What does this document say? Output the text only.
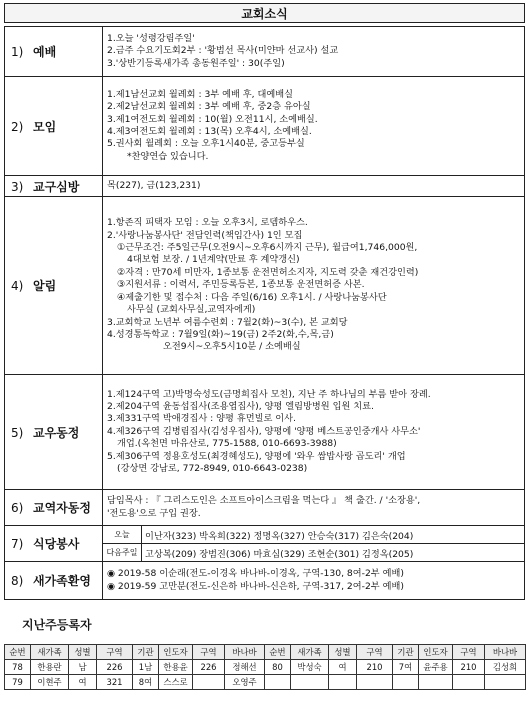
교회소식
1) 예배	
1.오늘 '성령강림주일'
2.금주 수요기도회2부 : '황범선 목사(미얀마 선교사) 설교
3.'상반기등록새가족 총동원주일' : 30(주일)

2) 모임	
1.제1남선교회 월례회 : 3부 예배 후, 대예배실
2.제2남선교회 월례회 : 3부 예배 후, 중2층 유아실
3.제1여전도회 월례회 : 10(월) 오전11시, 소예배실.
4.제3여전도회 월례회 : 13(목) 오후4시, 소예배실.
5.권사회 월례회 : 오늘 오후1시40분, 중고등부실
*찬양연습 있습니다.

3) 교구심방	목(227), 금(123,231)

4) 알림	
1.항존직 피택자 모임 : 오늘 오후3시, 로뎀하우스.
2.'사랑나눔봉사단' 전담인력(책임간사) 1인 모집
①근무조건: 주5일근무(오전9시~오후6시까지 근무), 월급여1,746,000원,
4대보험 보장. / 1년계약(만료 후 계약갱신)
②자격 : 만70세 미만자, 1종보통 운전면허소지자, 지도력 갖춘 재건강인력)
③지원서류 : 이력서, 주민등록등본, 1종보통 운전면허증 사본.
④제출기한 및 접수처 : 다음 주일(6/16) 오후1시. / 사랑나눔봉사단
사무실 (교회사무실,교역자에게)
3.교회학교 노년부 여름수련회 : 7월2(화)~3(수), 본 교회당
4.성경통독학교 : 7월9일(화)~19(금) 2주2(화,수,목,금)
오전9시~오후5시10분 / 소예배실

5) 교우동정	
1.제124구역 고)박명숙성도(금명희집사 모친), 지난 주 하나님의 부름 받아 장례.
2.제204구역 윤동섭집사(조용엽집사), 양평 엘림방병원 입원 치료.
3.제331구역 박애경집사 : 양평 휴먼빌로 이사.
4.제326구역 김병림집사(김성우집사), 양평에 '양평 베스트공인중개사 사무소'
개업.(옥천면 마유산로, 775-1588, 010-6693-3988)
5.제306구역 정용호성도(최경혜성도), 양평에 '와우 쌈밥사랑 곱도리' 개업
(강상면 강남로, 772-8949, 010-6643-0238)

6) 교역자동정	
담임목사 : 『 그리스도인은 소프트아이스크림을 먹는다 』 책 출간. / '소장용',
'전도용'으로 구입 권장.

7) 식당봉사	
오늘	이난자(323) 박옥희(322) 정명옥(327) 안승숙(317) 김은숙(204)
다음주일	고상복(209) 장범진(306) 마효심(329) 조현순(301) 김정옥(205)

8) 새가족환영	
◉ 2019-58 이순래(전도-이경옥 바나바-이경옥, 구역-130, 8여-2부 예배)
◉ 2019-59 고만분(전도-신은하 바나바-신은하, 구역-317, 2여-2부 예배)
지난주등록자
순번	새가족	성별	구역	기관	인도자	구역	바나바	순번	새가족	성별	구역	기관	인도자	구역	바나바
78	한용란	남	226	1남	한용윤	226	정해선	80	박성숙	여	210	7여	윤주용	210	김성희
79	이현주	여	321	8여	스스로		오영주								
